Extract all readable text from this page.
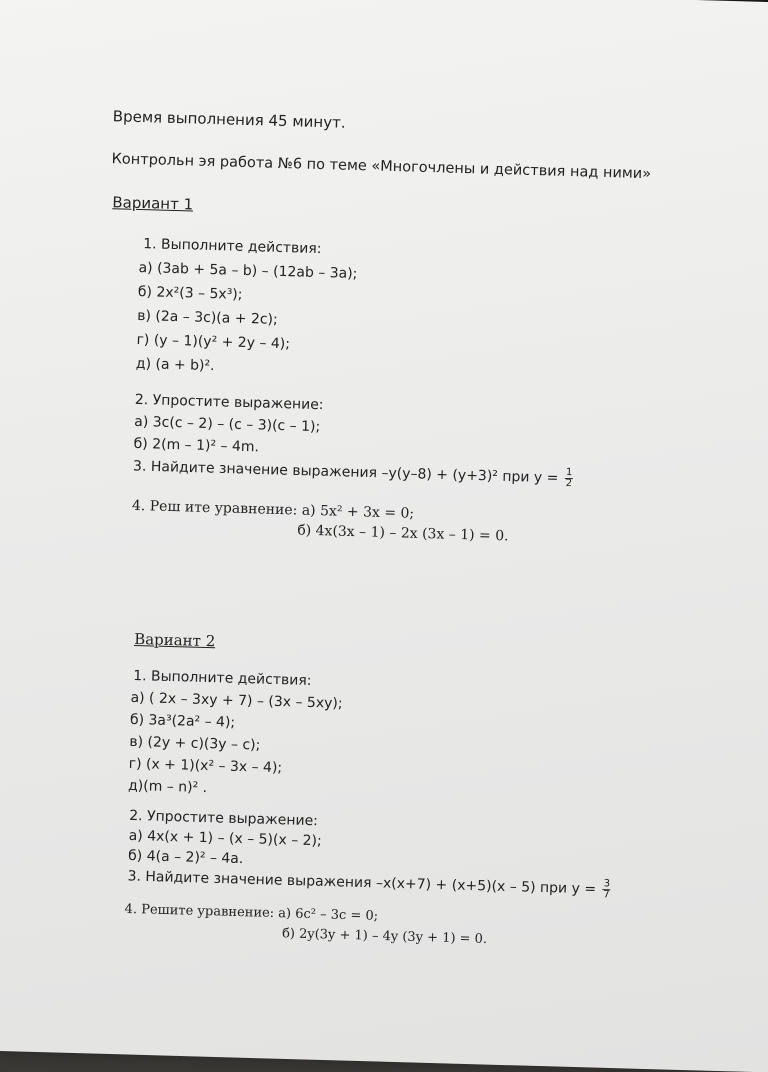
Время выполнения 45 минут.
Контрольн эя работа №6 по теме «Многочлены и действия над ними»
Вариант 1
1. Выполните действия:
а) (3ab + 5a – b) – (12ab – 3a);
б) 2x²(3 – 5x³);
в) (2a – 3c)(a + 2c);
г) (y – 1)(y² + 2y – 4);
д) (a + b)².
2. Упростите выражение:
а) 3c(c – 2) – (c – 3)(c – 1);
б) 2(m – 1)² – 4m.
3. Найдите значение выражения –y(y–8) + (y+3)² при $y = \frac{1}{2}$
4. Реш ите уравнение: а) 5x² + 3x = 0;
б) 4x(3x – 1) – 2x (3x – 1) = 0.
Вариант 2
1. Выполните действия:
а) ( 2x – 3xy + 7) – (3x – 5xy);
б) 3a³(2a² – 4);
в) (2y + c)(3y – c);
г) (x + 1)(x² – 3x – 4);
д)(m – n)² .
2. Упростите выражение:
а) 4x(x + 1) – (x – 5)(x – 2);
б) 4(a – 2)² – 4a.
3. Найдите значение выражения –x(x+7) + (x+5)(x – 5) при $y = \frac{3}{7}$
4. Решите уравнение: а) 6c² – 3c = 0;
б) 2y(3y + 1) – 4y (3y + 1) = 0.
